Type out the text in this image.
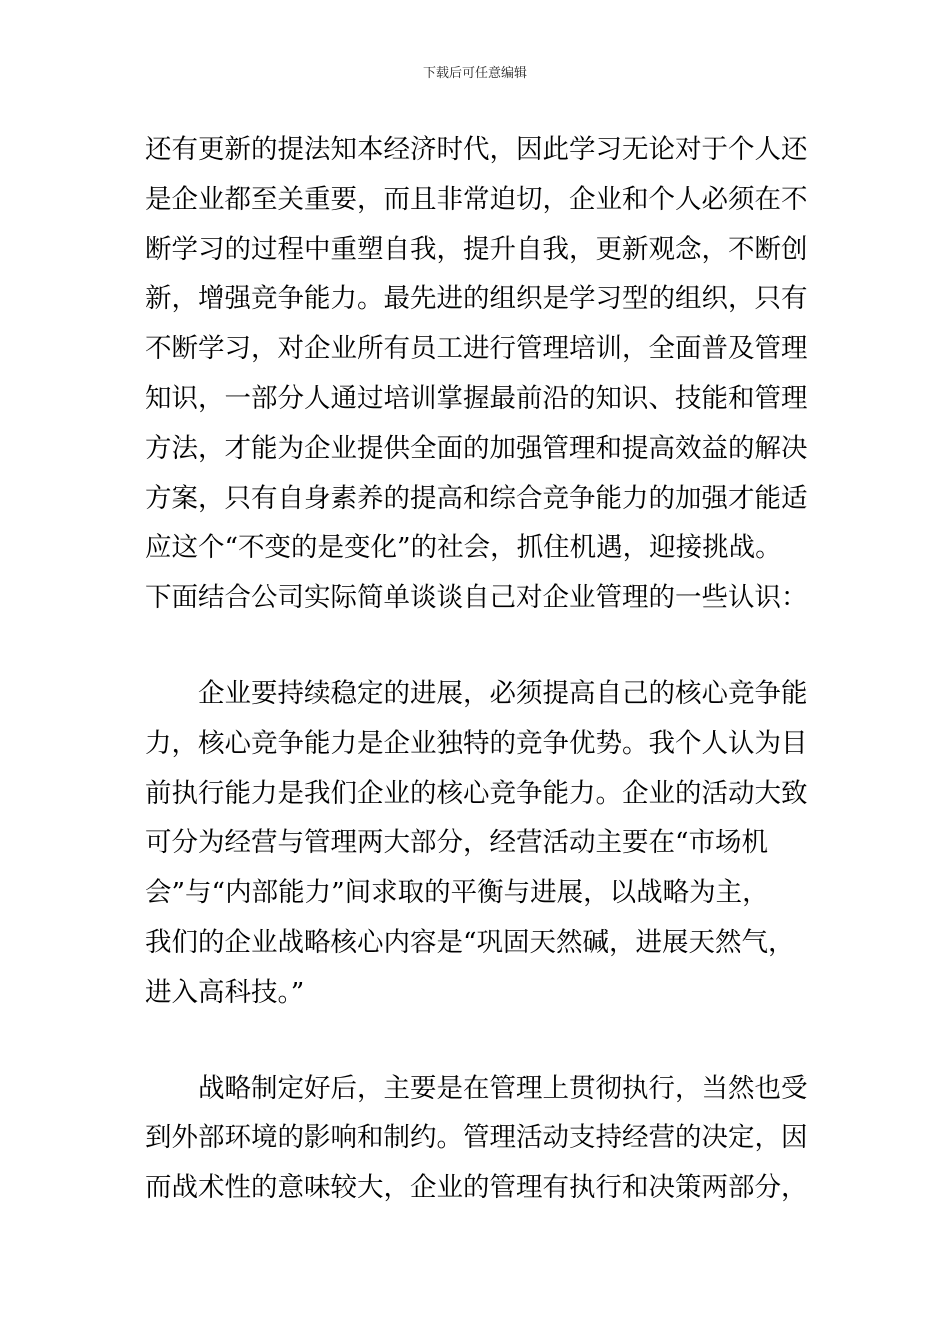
下载后可任意编辑

还有更新的提法知本经济时代，因此学习无论对于个人还
是企业都至关重要，而且非常迫切，企业和个人必须在不
断学习的过程中重塑自我，提升自我，更新观念，不断创
新，增强竞争能力。最先进的组织是学习型的组织，只有
不断学习，对企业所有员工进行管理培训，全面普及管理
知识，一部分人通过培训掌握最前沿的知识、技能和管理
方法，才能为企业提供全面的加强管理和提高效益的解决
方案，只有自身素养的提高和综合竞争能力的加强才能适
应这个“不变的是变化”的社会，抓住机遇，迎接挑战。
下面结合公司实际简单谈谈自己对企业管理的一些认识：

　　企业要持续稳定的进展，必须提高自己的核心竞争能
力，核心竞争能力是企业独特的竞争优势。我个人认为目
前执行能力是我们企业的核心竞争能力。企业的活动大致
可分为经营与管理两大部分，经营活动主要在“市场机
会”与“内部能力”间求取的平衡与进展，以战略为主，
我们的企业战略核心内容是“巩固天然碱，进展天然气，
进入高科技。”

　　战略制定好后，主要是在管理上贯彻执行，当然也受
到外部环境的影响和制约。管理活动支持经营的决定，因
而战术性的意味较大，企业的管理有执行和决策两部分，
